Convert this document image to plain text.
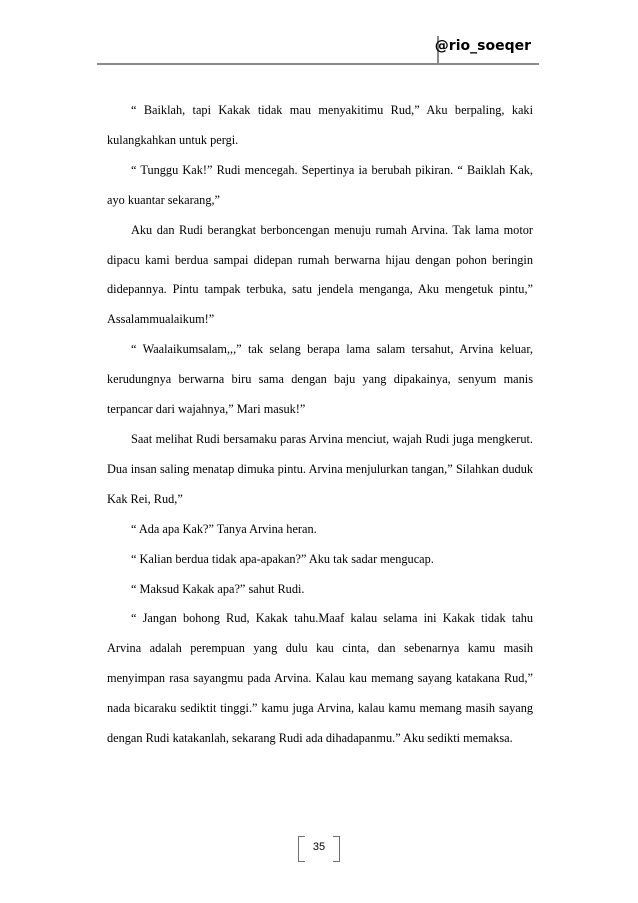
@rio_soeqer

“ Baiklah, tapi Kakak tidak mau menyakitimu Rud,” Aku berpaling, kaki kulangkahkan untuk pergi.

“ Tunggu Kak!” Rudi mencegah. Sepertinya ia berubah pikiran. “ Baiklah Kak, ayo kuantar sekarang,”

Aku dan Rudi berangkat berboncengan menuju rumah Arvina. Tak lama motor dipacu kami berdua sampai didepan rumah berwarna hijau dengan pohon beringin didepannya. Pintu tampak terbuka, satu jendela menganga, Aku mengetuk pintu,” Assalammualaikum!”

“ Waalaikumsalam,,,” tak selang berapa lama salam tersahut, Arvina keluar, kerudungnya berwarna biru sama dengan baju yang dipakainya, senyum manis terpancar dari wajahnya,” Mari masuk!”

Saat melihat Rudi bersamaku paras Arvina menciut, wajah Rudi juga mengkerut. Dua insan saling menatap dimuka pintu. Arvina menjulurkan tangan,” Silahkan duduk Kak Rei, Rud,”

“ Ada apa Kak?” Tanya Arvina heran.

“ Kalian berdua tidak apa-apakan?” Aku tak sadar mengucap.

“ Maksud Kakak apa?” sahut Rudi.

“ Jangan bohong Rud, Kakak tahu.Maaf kalau selama ini Kakak tidak tahu Arvina adalah perempuan yang dulu kau cinta, dan sebenarnya kamu masih menyimpan rasa sayangmu pada Arvina. Kalau kau memang sayang katakana Rud,” nada bicaraku sediktit tinggi.” kamu juga Arvina, kalau kamu memang masih sayang dengan Rudi katakanlah, sekarang Rudi ada dihadapanmu.” Aku sedikti memaksa.

35
